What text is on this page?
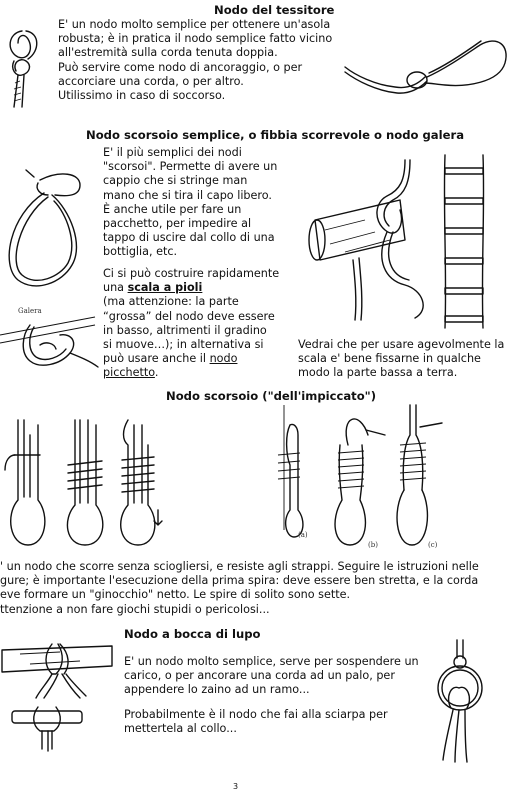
Nodo del tessitore
E' un nodo molto semplice per ottenere un'asola
robusta; è in pratica il nodo semplice fatto vicino
all'estremità sulla corda tenuta doppia.
Può servire come nodo di ancoraggio, o per
accorciare una corda, o per altro.
Utilissimo in caso di soccorso.
Nodo scorsoio semplice, o fibbia scorrevole o nodo galera
E' il più semplici dei nodi
"scorsoi". Permette di avere un
cappio che si stringe man
mano che si tira il capo libero.
È anche utile per fare un
pacchetto, per impedire al
tappo di uscire dal collo di una
bottiglia, etc.
Ci si può costruire rapidamente
una scala a pioli
(ma attenzione: la parte
“grossa” del nodo deve essere
in basso, altrimenti il gradino
si muove…); in alternativa si
può usare anche il nodo
picchetto.
Vedrai che per usare agevolmente la
scala e' bene fissarne in qualche
modo la parte bassa a terra.
Galera
Nodo scorsoio ("dell'impiccato")
(a)
(b)	(c)
' un nodo che scorre senza sciogliersi, e resiste agli strappi. Seguire le istruzioni nelle
gure; è importante l'esecuzione della prima spira: deve essere ben stretta, e la corda
eve formare un "ginocchio" netto. Le spire di solito sono sette.
ttenzione a non fare giochi stupidi o pericolosi...
Nodo a bocca di lupo
E' un nodo molto semplice, serve per sospendere un
carico, o per ancorare una corda ad un palo, per
appendere lo zaino ad un ramo...
Probabilmente è il nodo che fai alla sciarpa per
mettertela al collo...
3
